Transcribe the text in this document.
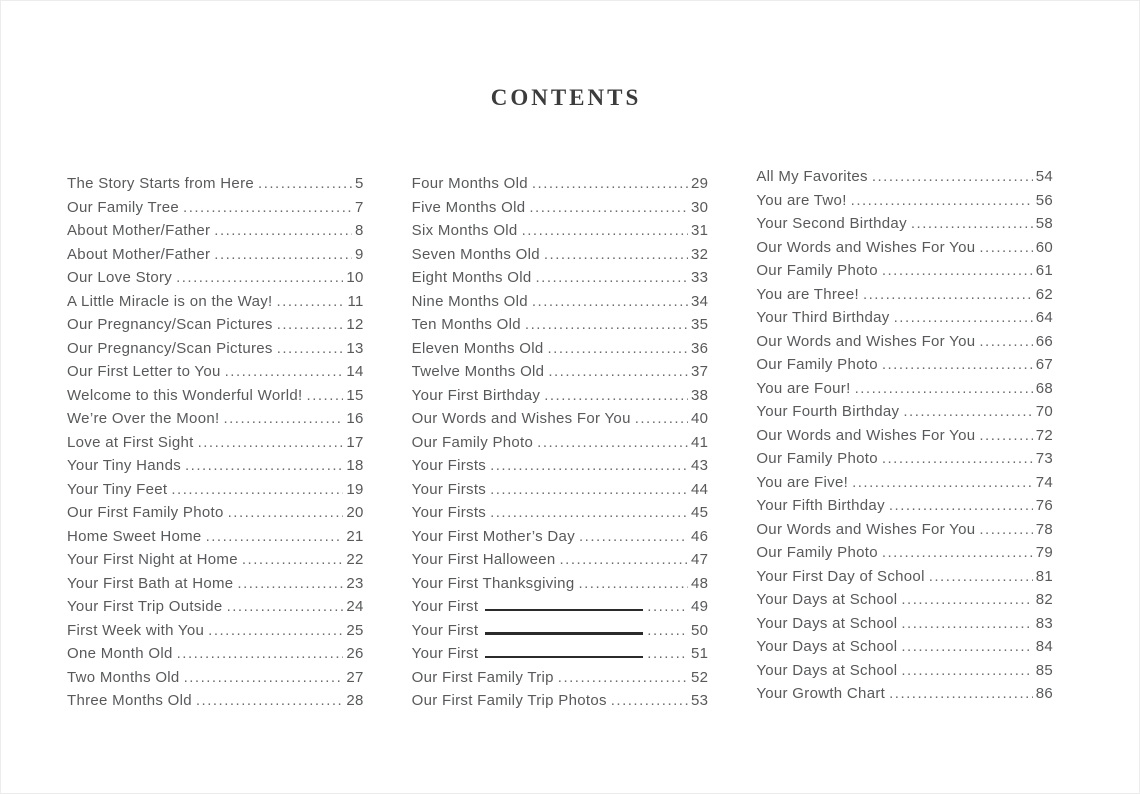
CONTENTS
The Story Starts from Here .....	5
Our Family Tree .....	7
About Mother/Father .....	8
About Mother/Father .....	9
Our Love Story .....	10
A Little Miracle is on the Way! .....	11
Our Pregnancy/Scan Pictures .....	12
Our Pregnancy/Scan Pictures .....	13
Our First Letter to You .....	14
Welcome to this Wonderful World! .....	15
We’re Over the Moon! .....	16
Love at First Sight .....	17
Your Tiny Hands .....	18
Your Tiny Feet .....	19
Our First Family Photo .....	20
Home Sweet Home .....	21
Your First Night at Home .....	22
Your First Bath at Home .....	23
Your First Trip Outside .....	24
First Week with You .....	25
One Month Old .....	26
Two Months Old .....	27
Three Months Old .....	28
Four Months Old .....	29
Five Months Old .....	30
Six Months Old .....	31
Seven Months Old .....	32
Eight Months Old .....	33
Nine Months Old .....	34
Ten Months Old .....	35
Eleven Months Old .....	36
Twelve Months Old .....	37
Your First Birthday .....	38
Our Words and Wishes For You .....	40
Our Family Photo .....	41
Your Firsts .....	43
Your Firsts .....	44
Your Firsts .....	45
Your First Mother’s Day .....	46
Your First Halloween .....	47
Your First Thanksgiving .....	48
Your First .....	49
Your First .....	50
Your First .....	51
Our First Family Trip .....	52
Our First Family Trip Photos .....	53
All My Favorites .....	54
You are Two! .....	56
Your Second Birthday .....	58
Our Words and Wishes For You .....	60
Our Family Photo .....	61
You are Three! .....	62
Your Third Birthday .....	64
Our Words and Wishes For You .....	66
Our Family Photo .....	67
You are Four! .....	68
Your Fourth Birthday .....	70
Our Words and Wishes For You .....	72
Our Family Photo .....	73
You are Five! .....	74
Your Fifth Birthday .....	76
Our Words and Wishes For You .....	78
Our Family Photo .....	79
Your First Day of School .....	81
Your Days at School .....	82
Your Days at School .....	83
Your Days at School .....	84
Your Days at School .....	85
Your Growth Chart .....	86
